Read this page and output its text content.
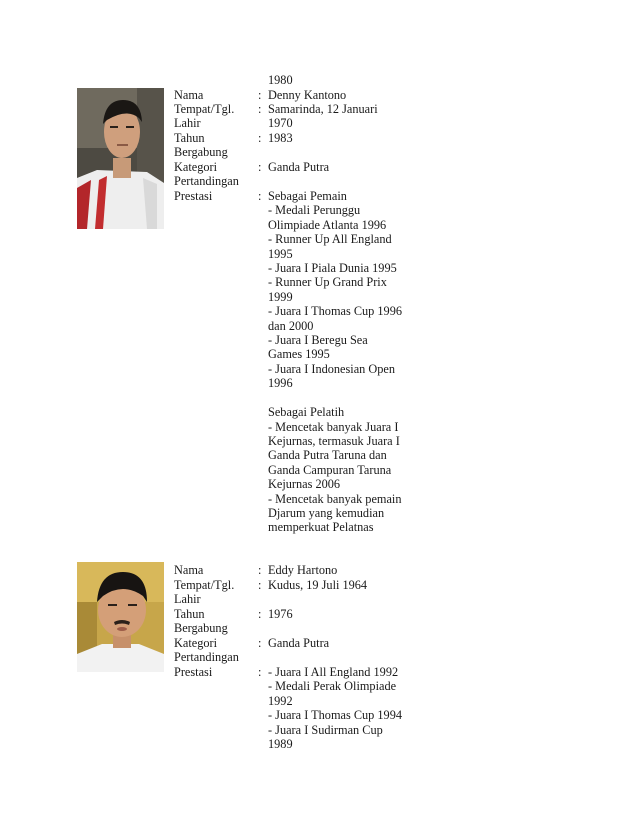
1980
Nama	: Denny Kantono
Tempat/Tgl.
Lahir
: Samarinda, 12 Januari
1970
Tahun
Bergabung
: 1983
Kategori
Pertandingan
: Ganda Putra
Prestasi	: Sebagai Pemain
- Medali Perunggu
Olimpiade Atlanta 1996
- Runner Up All England
1995
- Juara I Piala Dunia 1995
- Runner Up Grand Prix
1999
- Juara I Thomas Cup 1996
dan 2000
- Juara I Beregu Sea
Games 1995
- Juara I Indonesian Open
1996

Sebagai Pelatih
- Mencetak banyak Juara I
Kejurnas, termasuk Juara I
Ganda Putra Taruna dan
Ganda Campuran Taruna
Kejurnas 2006
- Mencetak banyak pemain
Djarum yang kemudian
memperkuat Pelatnas
Nama	: Eddy Hartono
Tempat/Tgl.
Lahir
: Kudus, 19 Juli 1964
Tahun
Bergabung
: 1976
Kategori
Pertandingan
: Ganda Putra
Prestasi	: - Juara I All England 1992
- Medali Perak Olimpiade
1992
- Juara I Thomas Cup 1994
- Juara I Sudirman Cup
1989
